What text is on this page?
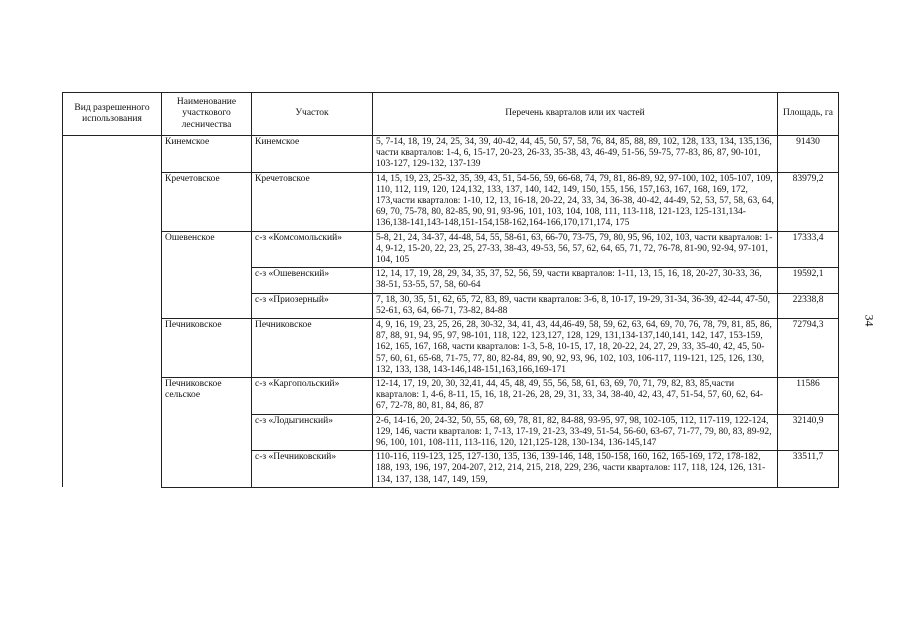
Вид разрешенного использования	Наименование участкового лесничества	Участок	Перечень кварталов или их частей	Площадь, га
	Кинемское	Кинемское	5, 7-14, 18, 19, 24, 25, 34, 39, 40-42, 44, 45, 50, 57, 58, 76, 84, 85, 88, 89, 102, 128, 133, 134, 135,136, части кварталов: 1-4, 6, 15-17, 20-23, 26-33, 35-38, 43, 46-49, 51-56, 59-75, 77-83, 86, 87, 90-101, 103-127, 129-132, 137-139	91430
	Кречетовское	Кречетовское	14, 15, 19, 23, 25-32, 35, 39, 43, 51, 54-56, 59, 66-68, 74, 79, 81, 86-89, 92, 97-100, 102, 105-107, 109, 110, 112, 119, 120, 124,132, 133, 137, 140, 142, 149, 150, 155, 156, 157,163, 167, 168, 169, 172, 173,части кварталов: 1-10, 12, 13, 16-18, 20-22, 24, 33, 34, 36-38, 40-42, 44-49, 52, 53, 57, 58, 63, 64, 69, 70, 75-78, 80, 82-85, 90, 91, 93-96, 101, 103, 104, 108, 111, 113-118, 121-123, 125-131,134-136,138-141,143-148,151-154,158-162,164-166,170,171,174, 175	83979,2
	Ошевенское	с-з «Комсомольский»	5-8, 21, 24, 34-37, 44-48, 54, 55, 58-61, 63, 66-70, 73-75, 79, 80, 95, 96, 102, 103, части кварталов: 1-4, 9-12, 15-20, 22, 23, 25, 27-33, 38-43, 49-53, 56, 57, 62, 64, 65, 71, 72, 76-78, 81-90, 92-94, 97-101, 104, 105	17333,4
		с-з «Ошевенский»	12, 14, 17, 19, 28, 29, 34, 35, 37, 52, 56, 59, части кварталов: 1-11, 13, 15, 16, 18, 20-27, 30-33, 36, 38-51, 53-55, 57, 58, 60-64	19592,1
		с-з «Приозерный»	7, 18, 30, 35, 51, 62, 65, 72, 83, 89, части кварталов: 3-6, 8, 10-17, 19-29, 31-34, 36-39, 42-44, 47-50, 52-61, 63, 64, 66-71, 73-82, 84-88	22338,8
	Печниковское	Печниковское	4, 9, 16, 19, 23, 25, 26, 28, 30-32, 34, 41, 43, 44,46-49, 58, 59, 62, 63, 64, 69, 70, 76, 78, 79, 81, 85, 86, 87, 88, 91, 94, 95, 97, 98-101, 118, 122, 123,127, 128, 129, 131,134-137,140,141, 142, 147, 153-159, 162, 165, 167, 168, части кварталов: 1-3, 5-8, 10-15, 17, 18, 20-22, 24, 27, 29, 33, 35-40, 42, 45, 50-57, 60, 61, 65-68, 71-75, 77, 80, 82-84, 89, 90, 92, 93, 96, 102, 103, 106-117, 119-121, 125, 126, 130, 132, 133, 138, 143-146,148-151,163,166,169-171	72794,3
	Печниковское сельское	с-з «Каргопольский»	12-14, 17, 19, 20, 30, 32,41, 44, 45, 48, 49, 55, 56, 58, 61, 63, 69, 70, 71, 79, 82, 83, 85,части кварталов: 1, 4-6, 8-11, 15, 16, 18, 21-26, 28, 29, 31, 33, 34, 38-40, 42, 43, 47, 51-54, 57, 60, 62, 64-67, 72-78, 80, 81, 84, 86, 87	11586
		с-з «Лодыгинский»	2-6, 14-16, 20, 24-32, 50, 55, 68, 69, 78, 81, 82, 84-88, 93-95, 97, 98, 102-105, 112, 117-119, 122-124, 129, 146, части кварталов: 1, 7-13, 17-19, 21-23, 33-49, 51-54, 56-60, 63-67, 71-77, 79, 80, 83, 89-92, 96, 100, 101, 108-111, 113-116, 120, 121,125-128, 130-134, 136-145,147	32140,9
		с-з «Печниковский»	110-116, 119-123, 125, 127-130, 135, 136, 139-146, 148, 150-158, 160, 162, 165-169, 172, 178-182, 188, 193, 196, 197, 204-207, 212, 214, 215, 218, 229, 236, части кварталов: 117, 118, 124, 126, 131-134, 137, 138, 147, 149, 159,	33511,7
34
